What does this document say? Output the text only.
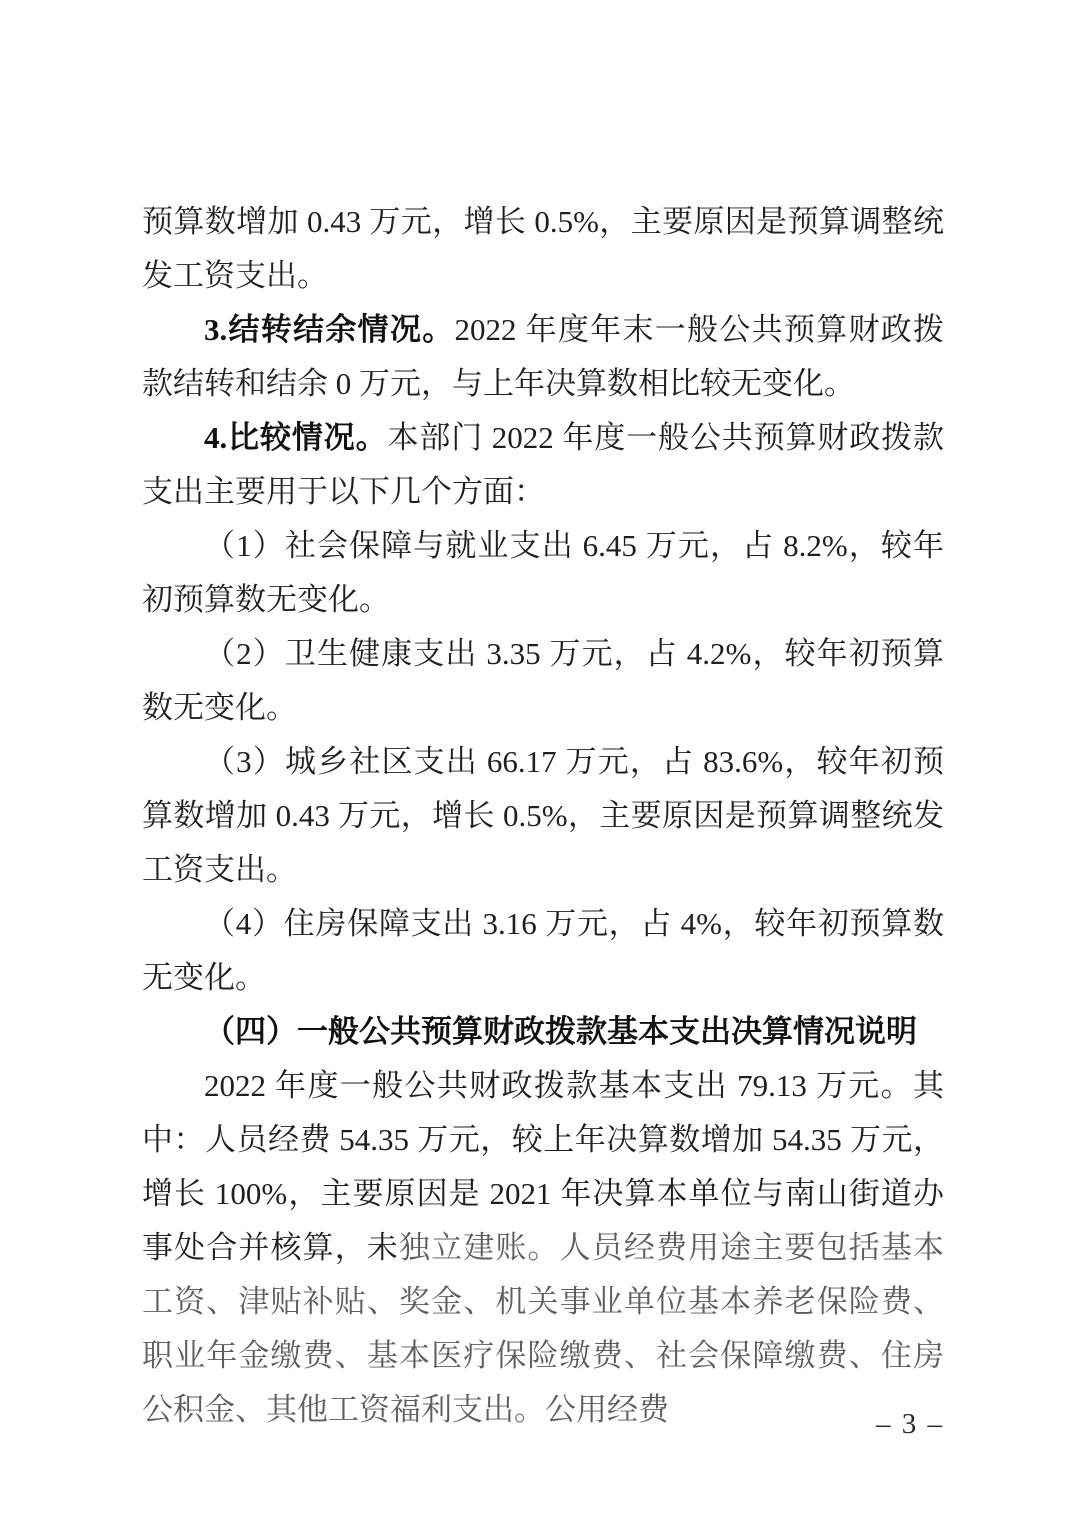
预算数增加 0.43 万元，增长 0.5%，主要原因是预算调整统发工资支出。

3.结转结余情况。2022 年度年末一般公共预算财政拨款结转和结余 0 万元，与上年决算数相比较无变化。

4.比较情况。本部门 2022 年度一般公共预算财政拨款支出主要用于以下几个方面：

（1）社会保障与就业支出 6.45 万元，占 8.2%，较年初预算数无变化。

（2）卫生健康支出 3.35 万元，占 4.2%，较年初预算数无变化。

（3）城乡社区支出 66.17 万元，占 83.6%，较年初预算数增加 0.43 万元，增长 0.5%，主要原因是预算调整统发工资支出。

（4）住房保障支出 3.16 万元，占 4%，较年初预算数无变化。

（四）一般公共预算财政拨款基本支出决算情况说明

2022 年度一般公共财政拨款基本支出 79.13 万元。其中：人员经费 54.35 万元，较上年决算数增加 54.35 万元，增长 100%，主要原因是 2021 年决算本单位与南山街道办事处合并核算，未独立建账。人员经费用途主要包括基本工资、津贴补贴、奖金、机关事业单位基本养老保险费、职业年金缴费、基本医疗保险缴费、社会保障缴费、住房公积金、其他工资福利支出。公用经费	– 3 –
